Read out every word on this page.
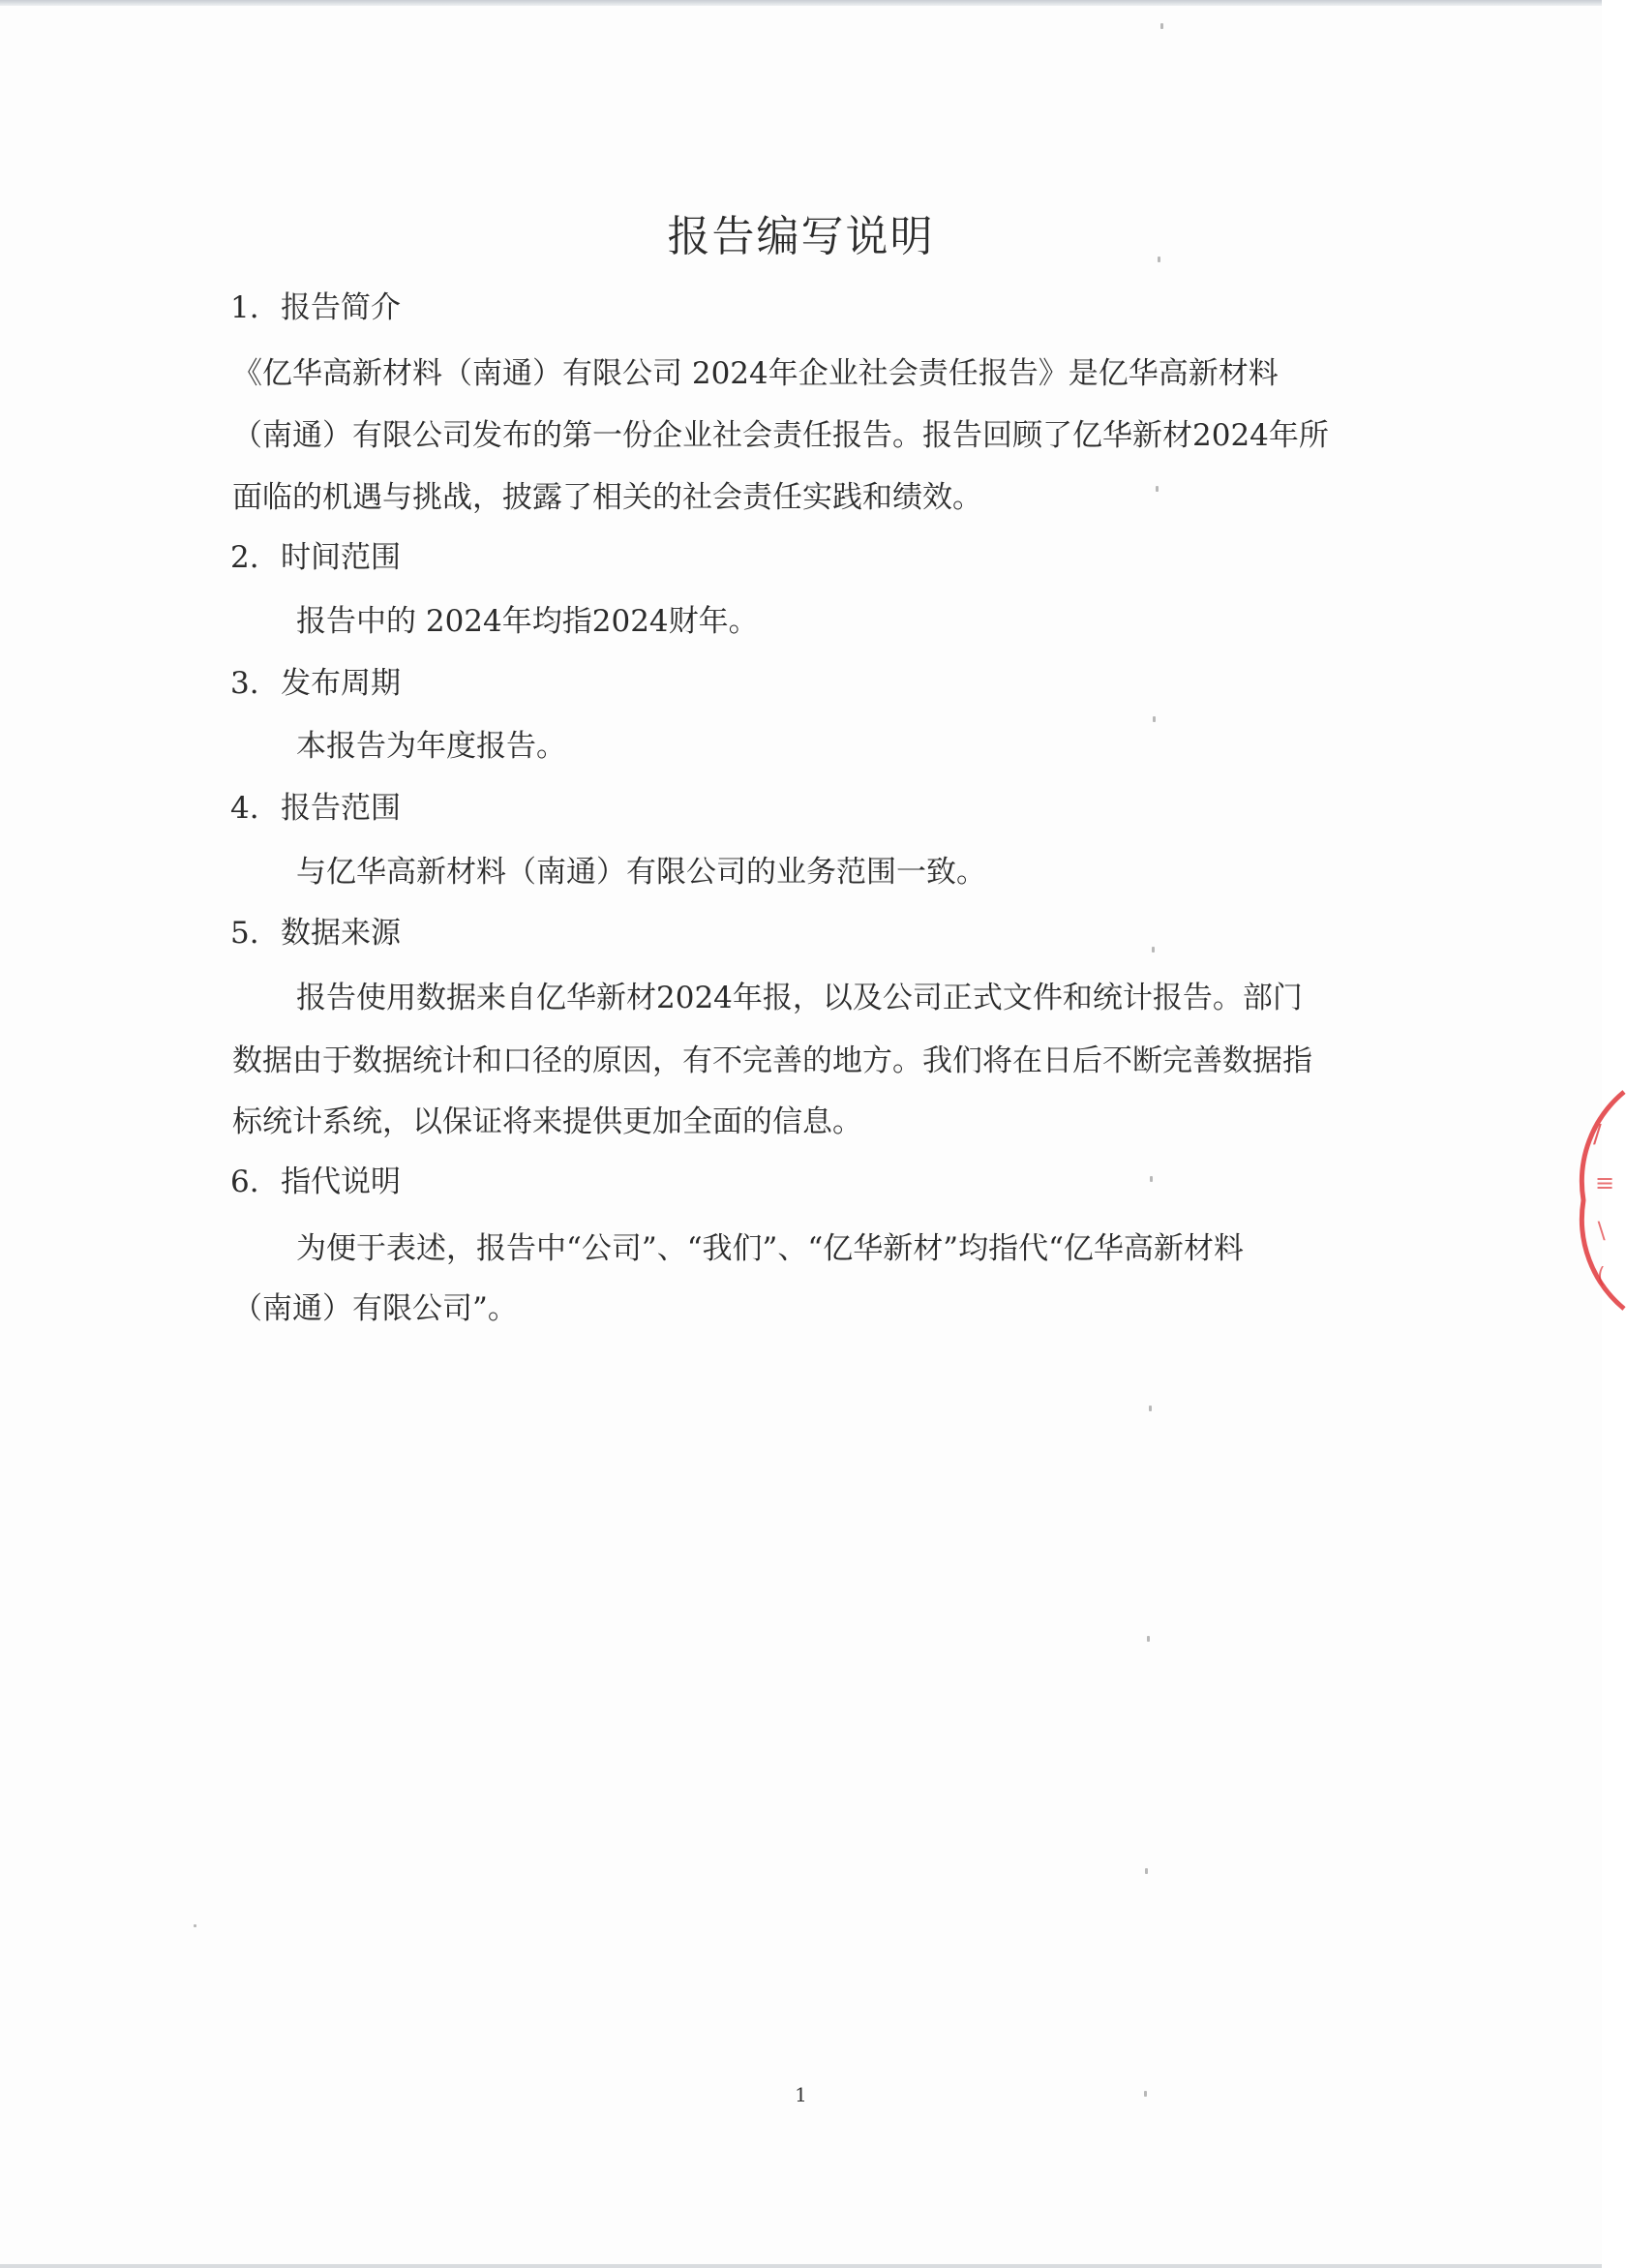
报告编写说明
1. 报告简介
《亿华高新材料（南通）有限公司 2024年企业社会责任报告》是亿华高新材料
（南通）有限公司发布的第一份企业社会责任报告。报告回顾了亿华新材2024年所
面临的机遇与挑战，披露了相关的社会责任实践和绩效。
2. 时间范围
报告中的 2024年均指2024财年。
3. 发布周期
本报告为年度报告。
4. 报告范围
与亿华高新材料（南通）有限公司的业务范围一致。
5. 数据来源
报告使用数据来自亿华新材2024年报，以及公司正式文件和统计报告。部门
数据由于数据统计和口径的原因，有不完善的地方。我们将在日后不断完善数据指
标统计系统，以保证将来提供更加全面的信息。
6. 指代说明
为便于表述，报告中“公司”、“我们”、“亿华新材”均指代“亿华高新材料
（南通）有限公司”。
∕
≡
∖
(
1
